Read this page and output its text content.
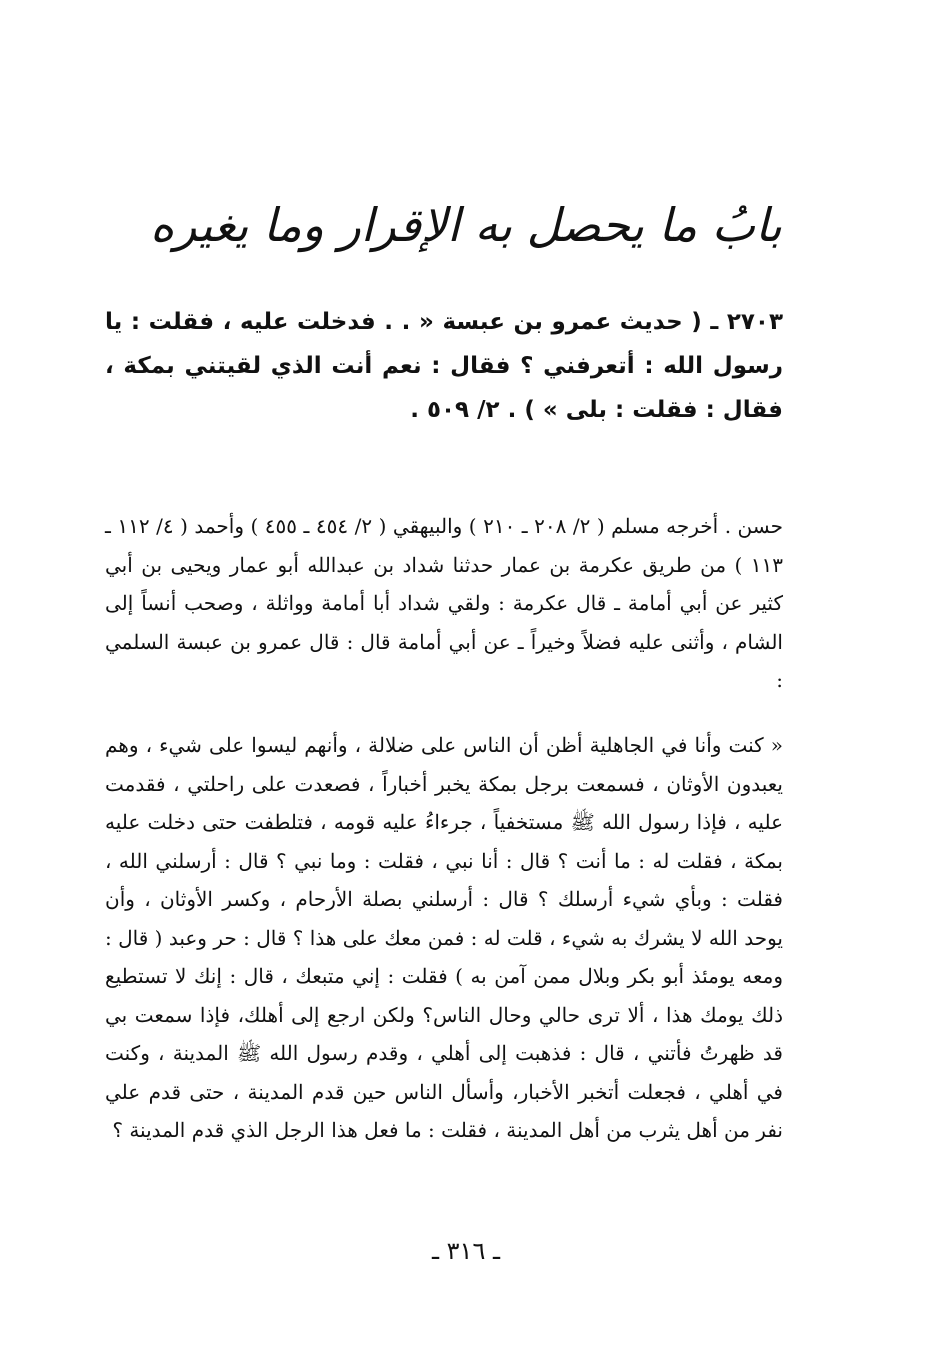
بابُ ما يحصل به الإقرار وما يغيره
٢٧٠٣ ـ ( حديث عمرو بن عبسة « . . فدخلت عليه ، فقلت : يا رسول الله : أتعرفني ؟ فقال : نعم أنت الذي لقيتني بمكة ، فقال : فقلت : بلى » ) . ٢/ ٥٠٩ .
حسن . أخرجه مسلم ( ٢/ ٢٠٨ ـ ٢١٠ ) والبيهقي ( ٢/ ٤٥٤ ـ ٤٥٥ ) وأحمد ( ٤/ ١١٢ ـ ١١٣ ) من طريق عكرمة بن عمار حدثنا شداد بن عبدالله أبو عمار ويحيى بن أبي كثير عن أبي أمامة ـ قال عكرمة : ولقي شداد أبا أمامة وواثلة ، وصحب أنساً إلى الشام ، وأثنى عليه فضلاً وخيراً ـ عن أبي أمامة قال : قال عمرو بن عبسة السلمي :
« كنت وأنا في الجاهلية أظن أن الناس على ضلالة ، وأنهم ليسوا على شيء ، وهم يعبدون الأوثان ، فسمعت برجل بمكة يخبر أخباراً ، فصعدت على راحلتي ، فقدمت عليه ، فإذا رسول الله ﷺ مستخفياً ، جرءاءُ عليه قومه ، فتلطفت حتى دخلت عليه بمكة ، فقلت له : ما أنت ؟ قال : أنا نبي ، فقلت : وما نبي ؟ قال : أرسلني الله ، فقلت : وبأي شيء أرسلك ؟ قال : أرسلني بصلة الأرحام ، وكسر الأوثان ، وأن يوحد الله لا يشرك به شيء ، قلت له : فمن معك على هذا ؟ قال : حر وعبد ( قال : ومعه يومئذ أبو بكر وبلال ممن آمن به ) فقلت : إني متبعك ، قال : إنك لا تستطيع ذلك يومك هذا ، ألا ترى حالي وحال الناس؟ ولكن ارجع إلى أهلك، فإذا سمعت بي قد ظهرتُ فأتني ، قال : فذهبت إلى أهلي ، وقدم رسول الله ﷺ المدينة ، وكنت في أهلي ، فجعلت أتخبر الأخبار، وأسأل الناس حين قدم المدينة ، حتى قدم علي نفر من أهل يثرب من أهل المدينة ، فقلت : ما فعل هذا الرجل الذي قدم المدينة ؟
ـ ٣١٦ ـ
